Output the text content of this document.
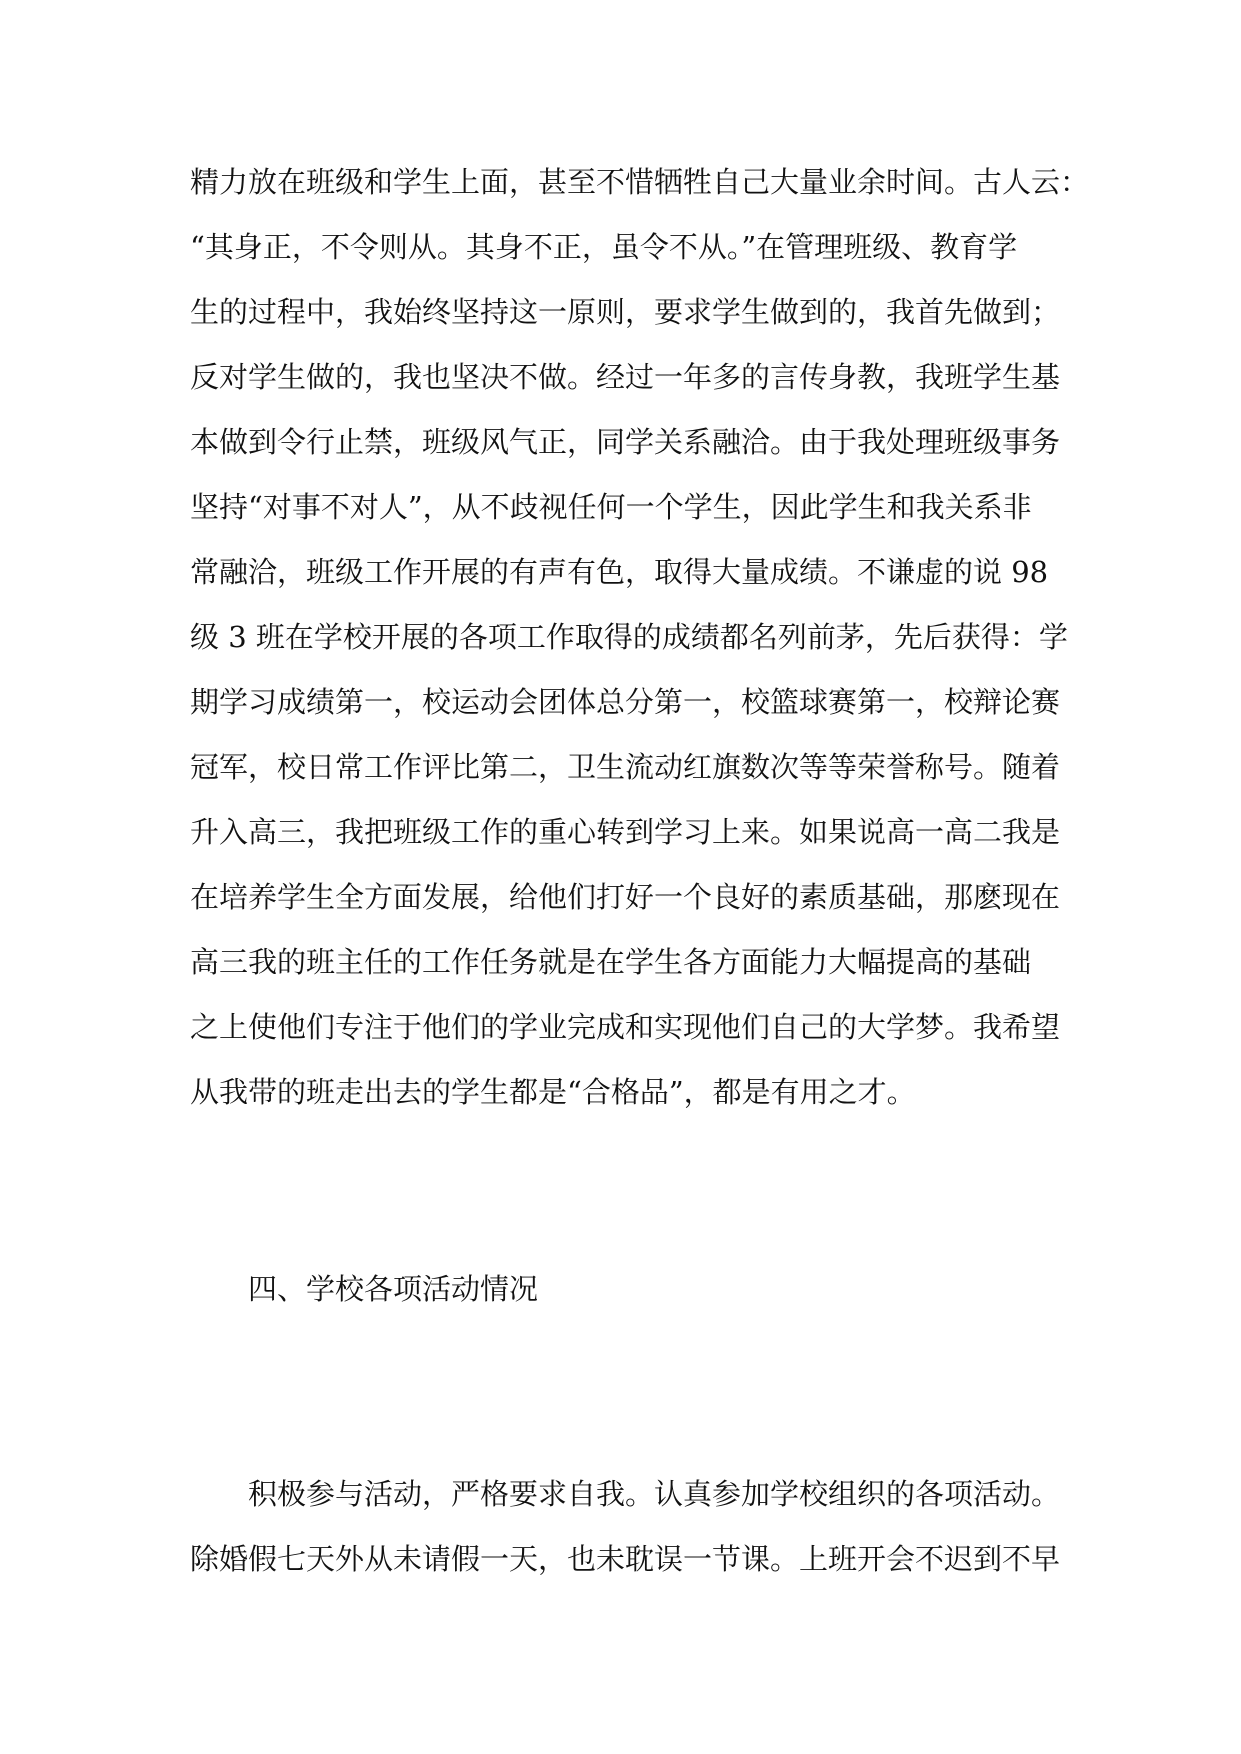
精力放在班级和学生上面，甚至不惜牺牲自己大量业余时间。古人云：
“其身正，不令则从。其身不正，虽令不从。”在管理班级、教育学
生的过程中，我始终坚持这一原则，要求学生做到的，我首先做到；
反对学生做的，我也坚决不做。经过一年多的言传身教，我班学生基
本做到令行止禁，班级风气正，同学关系融洽。由于我处理班级事务
坚持“对事不对人”，从不歧视任何一个学生，因此学生和我关系非
常融洽，班级工作开展的有声有色，取得大量成绩。不谦虚的说 98
级 3 班在学校开展的各项工作取得的成绩都名列前茅，先后获得：学
期学习成绩第一，校运动会团体总分第一，校篮球赛第一，校辩论赛
冠军，校日常工作评比第二，卫生流动红旗数次等等荣誉称号。随着
升入高三，我把班级工作的重心转到学习上来。如果说高一高二我是
在培养学生全方面发展，给他们打好一个良好的素质基础，那麽现在
高三我的班主任的工作任务就是在学生各方面能力大幅提高的基础
之上使他们专注于他们的学业完成和实现他们自己的大学梦。我希望
从我带的班走出去的学生都是“合格品”，都是有用之才。
四、学校各项活动情况
积极参与活动，严格要求自我。认真参加学校组织的各项活动。
除婚假七天外从未请假一天，也未耽误一节课。上班开会不迟到不早
